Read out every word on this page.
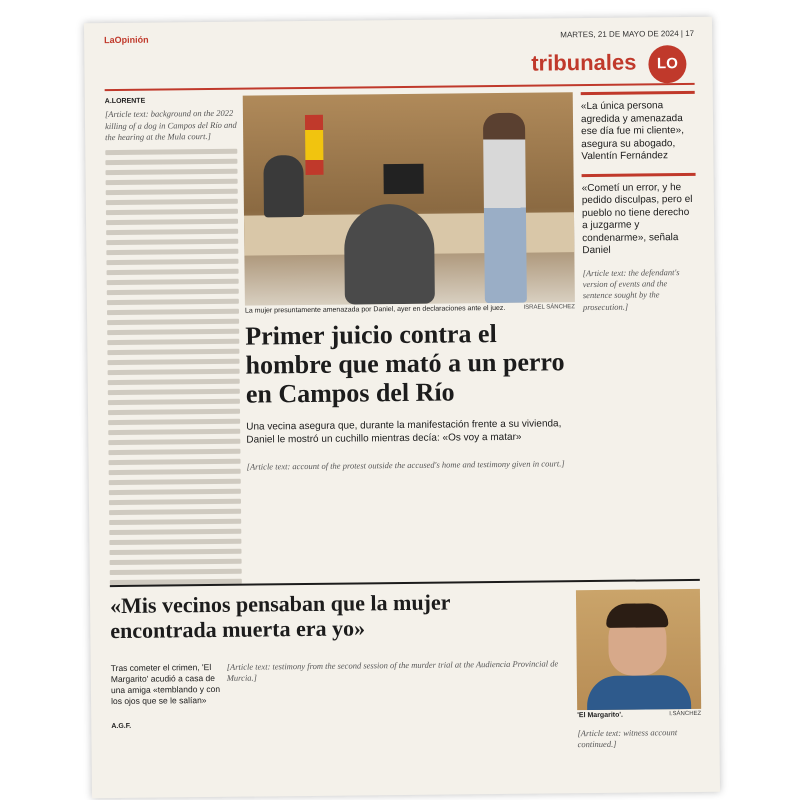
LaOpinión
MARTES, 21 DE MAYO DE 2024 | 17
tribunales	LO
A.LORENTE
[Article text: background on the 2022 killing of a dog in Campos del Río and the hearing at the Mula court.]
La mujer presuntamente amenazada por Daniel, ayer en declaraciones ante el juez.	ISRAEL SÁNCHEZ
«La única persona agredida y amenazada ese día fue mi cliente», asegura su abogado, Valentín Fernández
«Cometí un error, y he pedido disculpas, pero el pueblo no tiene derecho a juzgarme y condenarme», señala Daniel
[Article text: the defendant's version of events and the sentence sought by the prosecution.]
Primer juicio contra el hombre que mató a un perro en Campos del Río
Una vecina asegura que, durante la manifestación frente a su vivienda, Daniel le mostró un cuchillo mientras decía: «Os voy a matar»
[Article text: account of the protest outside the accused's home and testimony given in court.]
«Mis vecinos pensaban que la mujer encontrada muerta era yo»
Tras cometer el crimen, 'El Margarito' acudió a casa de una amiga «temblando y con los ojos que se le salían»
A.G.F.
[Article text: testimony from the second session of the murder trial at the Audiencia Provincial de Murcia.]
'El Margarito'.	I.SÁNCHEZ
[Article text: witness account continued.]
